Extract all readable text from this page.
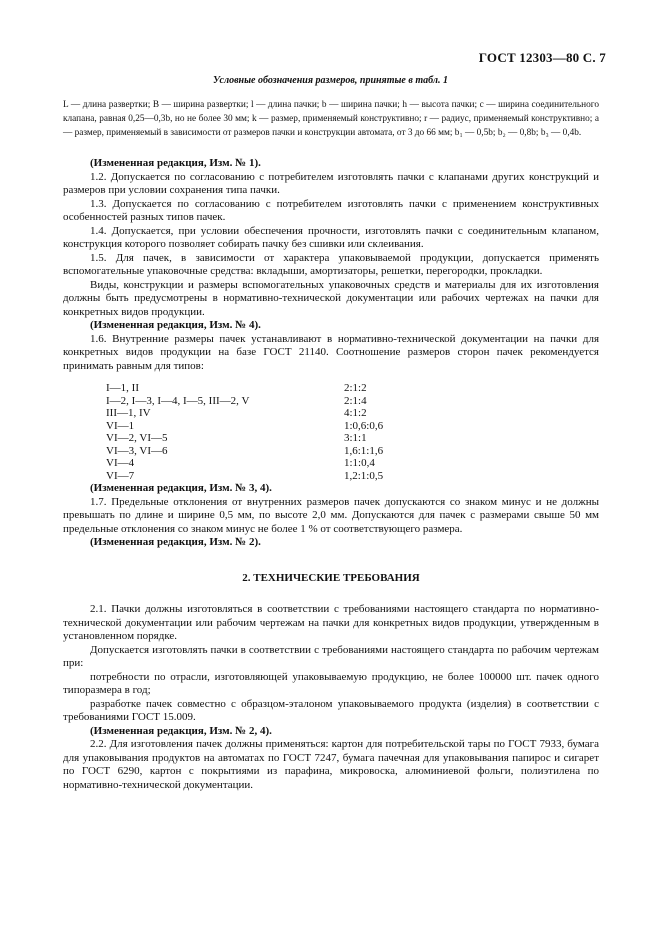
ГОСТ 12303—80 С. 7
Условные обозначения размеров, принятые в табл. 1
L — длина развертки; B — ширина развертки; l — длина пачки; b — ширина пачки; h — высота пачки; c — ширина соединительного клапана, равная 0,25—0,3b, но не более 30 мм; k — размер, применяемый конструктивно; r — радиус, применяемый конструктивно; a — размер, применяемый в зависимости от размеров пачки и конструкции автомата, от 3 до 66 мм; b₁ — 0,5b; b₂ — 0,8b; b₃ — 0,4b.

(Измененная редакция, Изм. № 1).

1.2. Допускается по согласованию с потребителем изготовлять пачки с клапанами других конструкций и размеров при условии сохранения типа пачки.

1.3. Допускается по согласованию с потребителем изготовлять пачки с применением конструктивных особенностей разных типов пачек.

1.4. Допускается, при условии обеспечения прочности, изготовлять пачки с соединительным клапаном, конструкция которого позволяет собирать пачку без сшивки или склеивания.

1.5. Для пачек, в зависимости от характера упаковываемой продукции, допускается применять вспомогательные упаковочные средства: вкладыши, амортизаторы, решетки, перегородки, прокладки.

Виды, конструкции и размеры вспомогательных упаковочных средств и материалы для их изготовления должны быть предусмотрены в нормативно-технической документации или рабочих чертежах на пачки для конкретных видов продукции.

(Измененная редакция, Изм. № 4).

1.6. Внутренние размеры пачек устанавливают в нормативно-технической документации на пачки для конкретных видов продукции на базе ГОСТ 21140. Соотношение размеров сторон пачек рекомендуется принимать равным для типов:

I—1, II	2:1:2
I—2, I—3, I—4, I—5, III—2, V	2:1:4
III—1, IV	4:1:2
VI—1	1:0,6:0,6
VI—2, VI—5	3:1:1
VI—3, VI—6	1,6:1:1,6
VI—4	1:1:0,4
VI—7	1,2:1:0,5

(Измененная редакция, Изм. № 3, 4).

1.7. Предельные отклонения от внутренних размеров пачек допускаются со знаком минус и не должны превышать по длине и ширине 0,5 мм, по высоте 2,0 мм. Допускаются для пачек с размерами свыше 50 мм предельные отклонения со знаком минус не более 1 % от соответствующего размера.

(Измененная редакция, Изм. № 2).

2. ТЕХНИЧЕСКИЕ ТРЕБОВАНИЯ

2.1. Пачки должны изготовляться в соответствии с требованиями настоящего стандарта по нормативно-технической документации или рабочим чертежам на пачки для конкретных видов продукции, утвержденным в установленном порядке.

Допускается изготовлять пачки в соответствии с требованиями настоящего стандарта по рабочим чертежам при:

потребности по отрасли, изготовляющей упаковываемую продукцию, не более 100000 шт. пачек одного типоразмера в год;

разработке пачек совместно с образцом-эталоном упаковываемого продукта (изделия) в соответствии с требованиями ГОСТ 15.009.

(Измененная редакция, Изм. № 2, 4).

2.2. Для изготовления пачек должны применяться: картон для потребительской тары по ГОСТ 7933, бумага для упаковывания продуктов на автоматах по ГОСТ 7247, бумага пачечная для упаковывания папирос и сигарет по ГОСТ 6290, картон с покрытиями из парафина, микровоска, алюминиевой фольги, полиэтилена по нормативно-технической документации.
